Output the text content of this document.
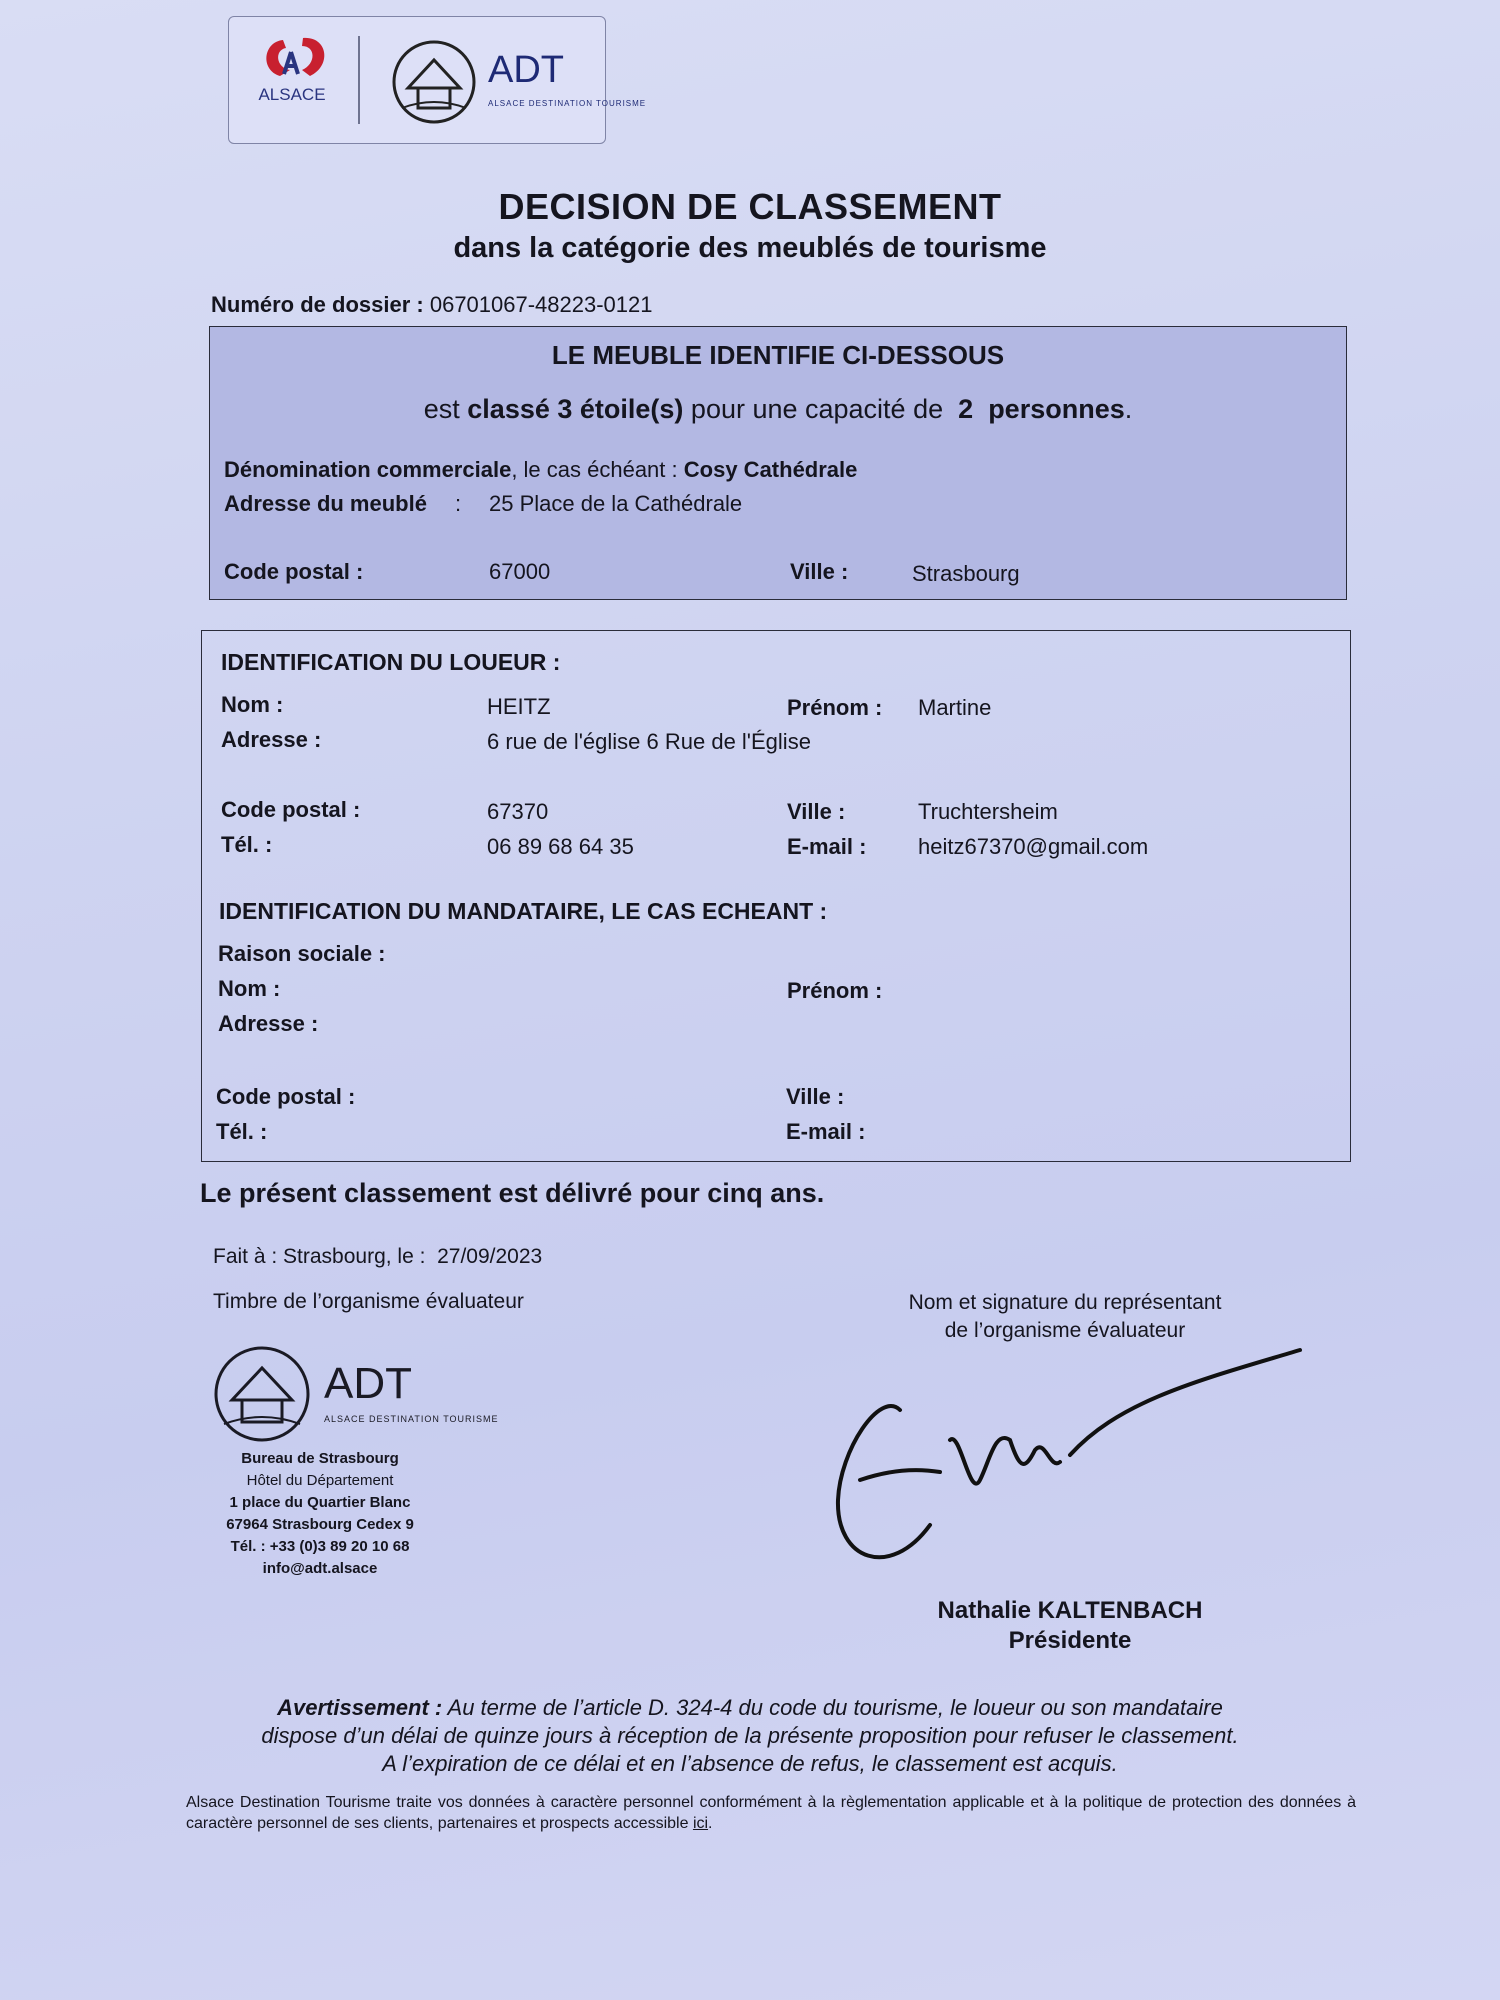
ALSACE
ADT
ALSACE DESTINATION TOURISME
DECISION DE CLASSEMENT
dans la catégorie des meublés de tourisme
Numéro de dossier : 06701067-48223-0121
LE MEUBLE IDENTIFIE CI-DESSOUS
est classé 3 étoile(s) pour une capacité de 2 personnes.
Dénomination commerciale, le cas échéant : Cosy Cathédrale
Adresse du meublé : 25 Place de la Cathédrale
Code postal :	67000	Ville :	Strasbourg
IDENTIFICATION DU LOUEUR :
Nom :	HEITZ	Prénom : Martine
Adresse :	6 rue de l'église 6 Rue de l'Église
Code postal :	67370	Ville :	Truchtersheim
Tél. :	06 89 68 64 35	E-mail : heitz67370@gmail.com
IDENTIFICATION DU MANDATAIRE, LE CAS ECHEANT :
Raison sociale :
Nom :	Prénom :
Adresse :
Code postal :	Ville :
Tél. :	E-mail :
Le présent classement est délivré pour cinq ans.
Fait à : Strasbourg, le : 27/09/2023
Timbre de l’organisme évaluateur	Nom et signature du représentant
de l’organisme évaluateur
ADT
ALSACE DESTINATION TOURISME
Bureau de Strasbourg
Hôtel du Département
1 place du Quartier Blanc
67964 Strasbourg Cedex 9
Tél. : +33 (0)3 89 20 10 68
info@adt.alsace
Nathalie KALTENBACH
Présidente
Avertissement : Au terme de l’article D. 324-4 du code du tourisme, le loueur ou son mandataire
dispose d’un délai de quinze jours à réception de la présente proposition pour refuser le classement.
A l’expiration de ce délai et en l’absence de refus, le classement est acquis.
Alsace Destination Tourisme traite vos données à caractère personnel conformément à la règlementation applicable et à la politique de protection des données à caractère personnel de ses clients, partenaires et prospects accessible ici.
